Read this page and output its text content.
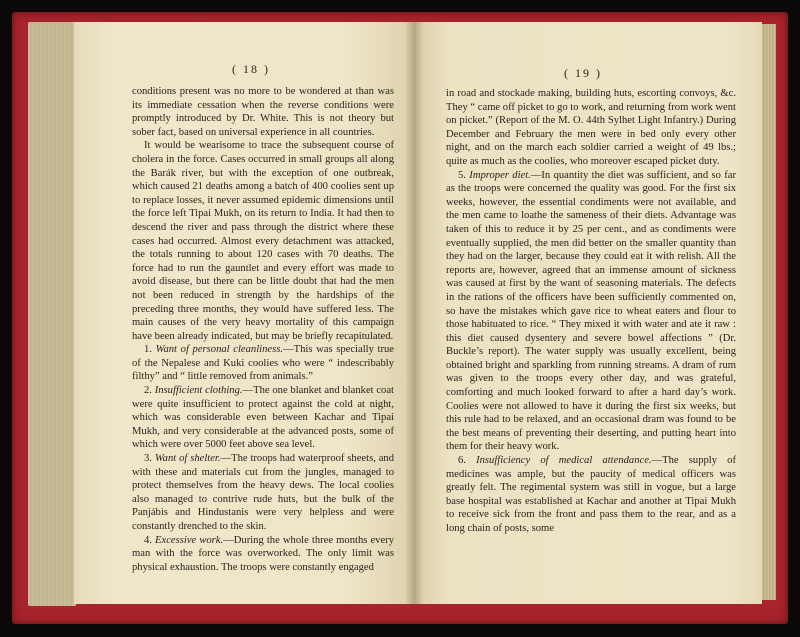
( 18 )

conditions present was no more to be wondered at than was its immediate cessation when the reverse conditions were promptly introduced by Dr. White. This is not theory but sober fact, based on universal experience in all countries.

It would be wearisome to trace the subsequent course of cholera in the force. Cases occurred in small groups all along the Barák river, but with the exception of one outbreak, which caused 21 deaths among a batch of 400 coolies sent up to replace losses, it never assumed epidemic dimensions until the force left Tipai Mukh, on its return to India. It had then to descend the river and pass through the district where these cases had occurred. Almost every detachment was attacked, the totals running to about 120 cases with 70 deaths. The force had to run the gauntlet and every effort was made to avoid disease, but there can be little doubt that had the men not been reduced in strength by the hardships of the preceding three months, they would have suffered less. The main causes of the very heavy mortality of this campaign have been already indicated, but may be briefly recapitulated.

1. Want of personal cleanliness.—This was specially true of the Nepalese and Kuki coolies who were “ indescribably filthy” and “ little removed from animals.”

2. Insufficient clothing.—The one blanket and blanket coat were quite insufficient to protect against the cold at night, which was considerable even between Kachar and Tipai Mukh, and very considerable at the advanced posts, some of which were over 5000 feet above sea level.

3. Want of shelter.—The troops had waterproof sheets, and with these and materials cut from the jungles, managed to protect themselves from the heavy dews. The local coolies also managed to contrive rude huts, but the bulk of the Panjábis and Hindustanis were very helpless and were constantly drenched to the skin.

4. Excessive work.—During the whole three months every man with the force was overworked. The only limit was physical exhaustion. The troops were constantly engaged

( 19 )

in road and stockade making, building huts, escorting convoys, &c. They “ came off picket to go to work, and returning from work went on picket.” (Report of the M. O. 44th Sylhet Light Infantry.) During December and February the men were in bed only every other night, and on the march each soldier carried a weight of 49 lbs.; quite as much as the coolies, who moreover escaped picket duty.

5. Improper diet.—In quantity the diet was sufficient, and so far as the troops were concerned the quality was good. For the first six weeks, however, the essential condiments were not available, and the men came to loathe the sameness of their diets. Advantage was taken of this to reduce it by 25 per cent., and as condiments were eventually supplied, the men did better on the smaller quantity than they had on the larger, because they could eat it with relish. All the reports are, however, agreed that an immense amount of sickness was caused at first by the want of seasoning materials. The defects in the rations of the officers have been sufficiently commented on, so have the mistakes which gave rice to wheat eaters and flour to those habituated to rice. “ They mixed it with water and ate it raw : this diet caused dysentery and severe bowel affections ” (Dr. Buckle’s report). The water supply was usually excellent, being obtained bright and sparkling from running streams. A dram of rum was given to the troops every other day, and was grateful, comforting and much looked forward to after a hard day’s work. Coolies were not allowed to have it during the first six weeks, but this rule had to be relaxed, and an occasional dram was found to be the best means of preventing their deserting, and putting heart into them for their heavy work.

6. Insufficiency of medical attendance.—The supply of medicines was ample, but the paucity of medical officers was greatly felt. The regimental system was still in vogue, but a large base hospital was established at Kachar and another at Tipai Mukh to receive sick from the front and pass them to the rear, and as a long chain of posts, some
